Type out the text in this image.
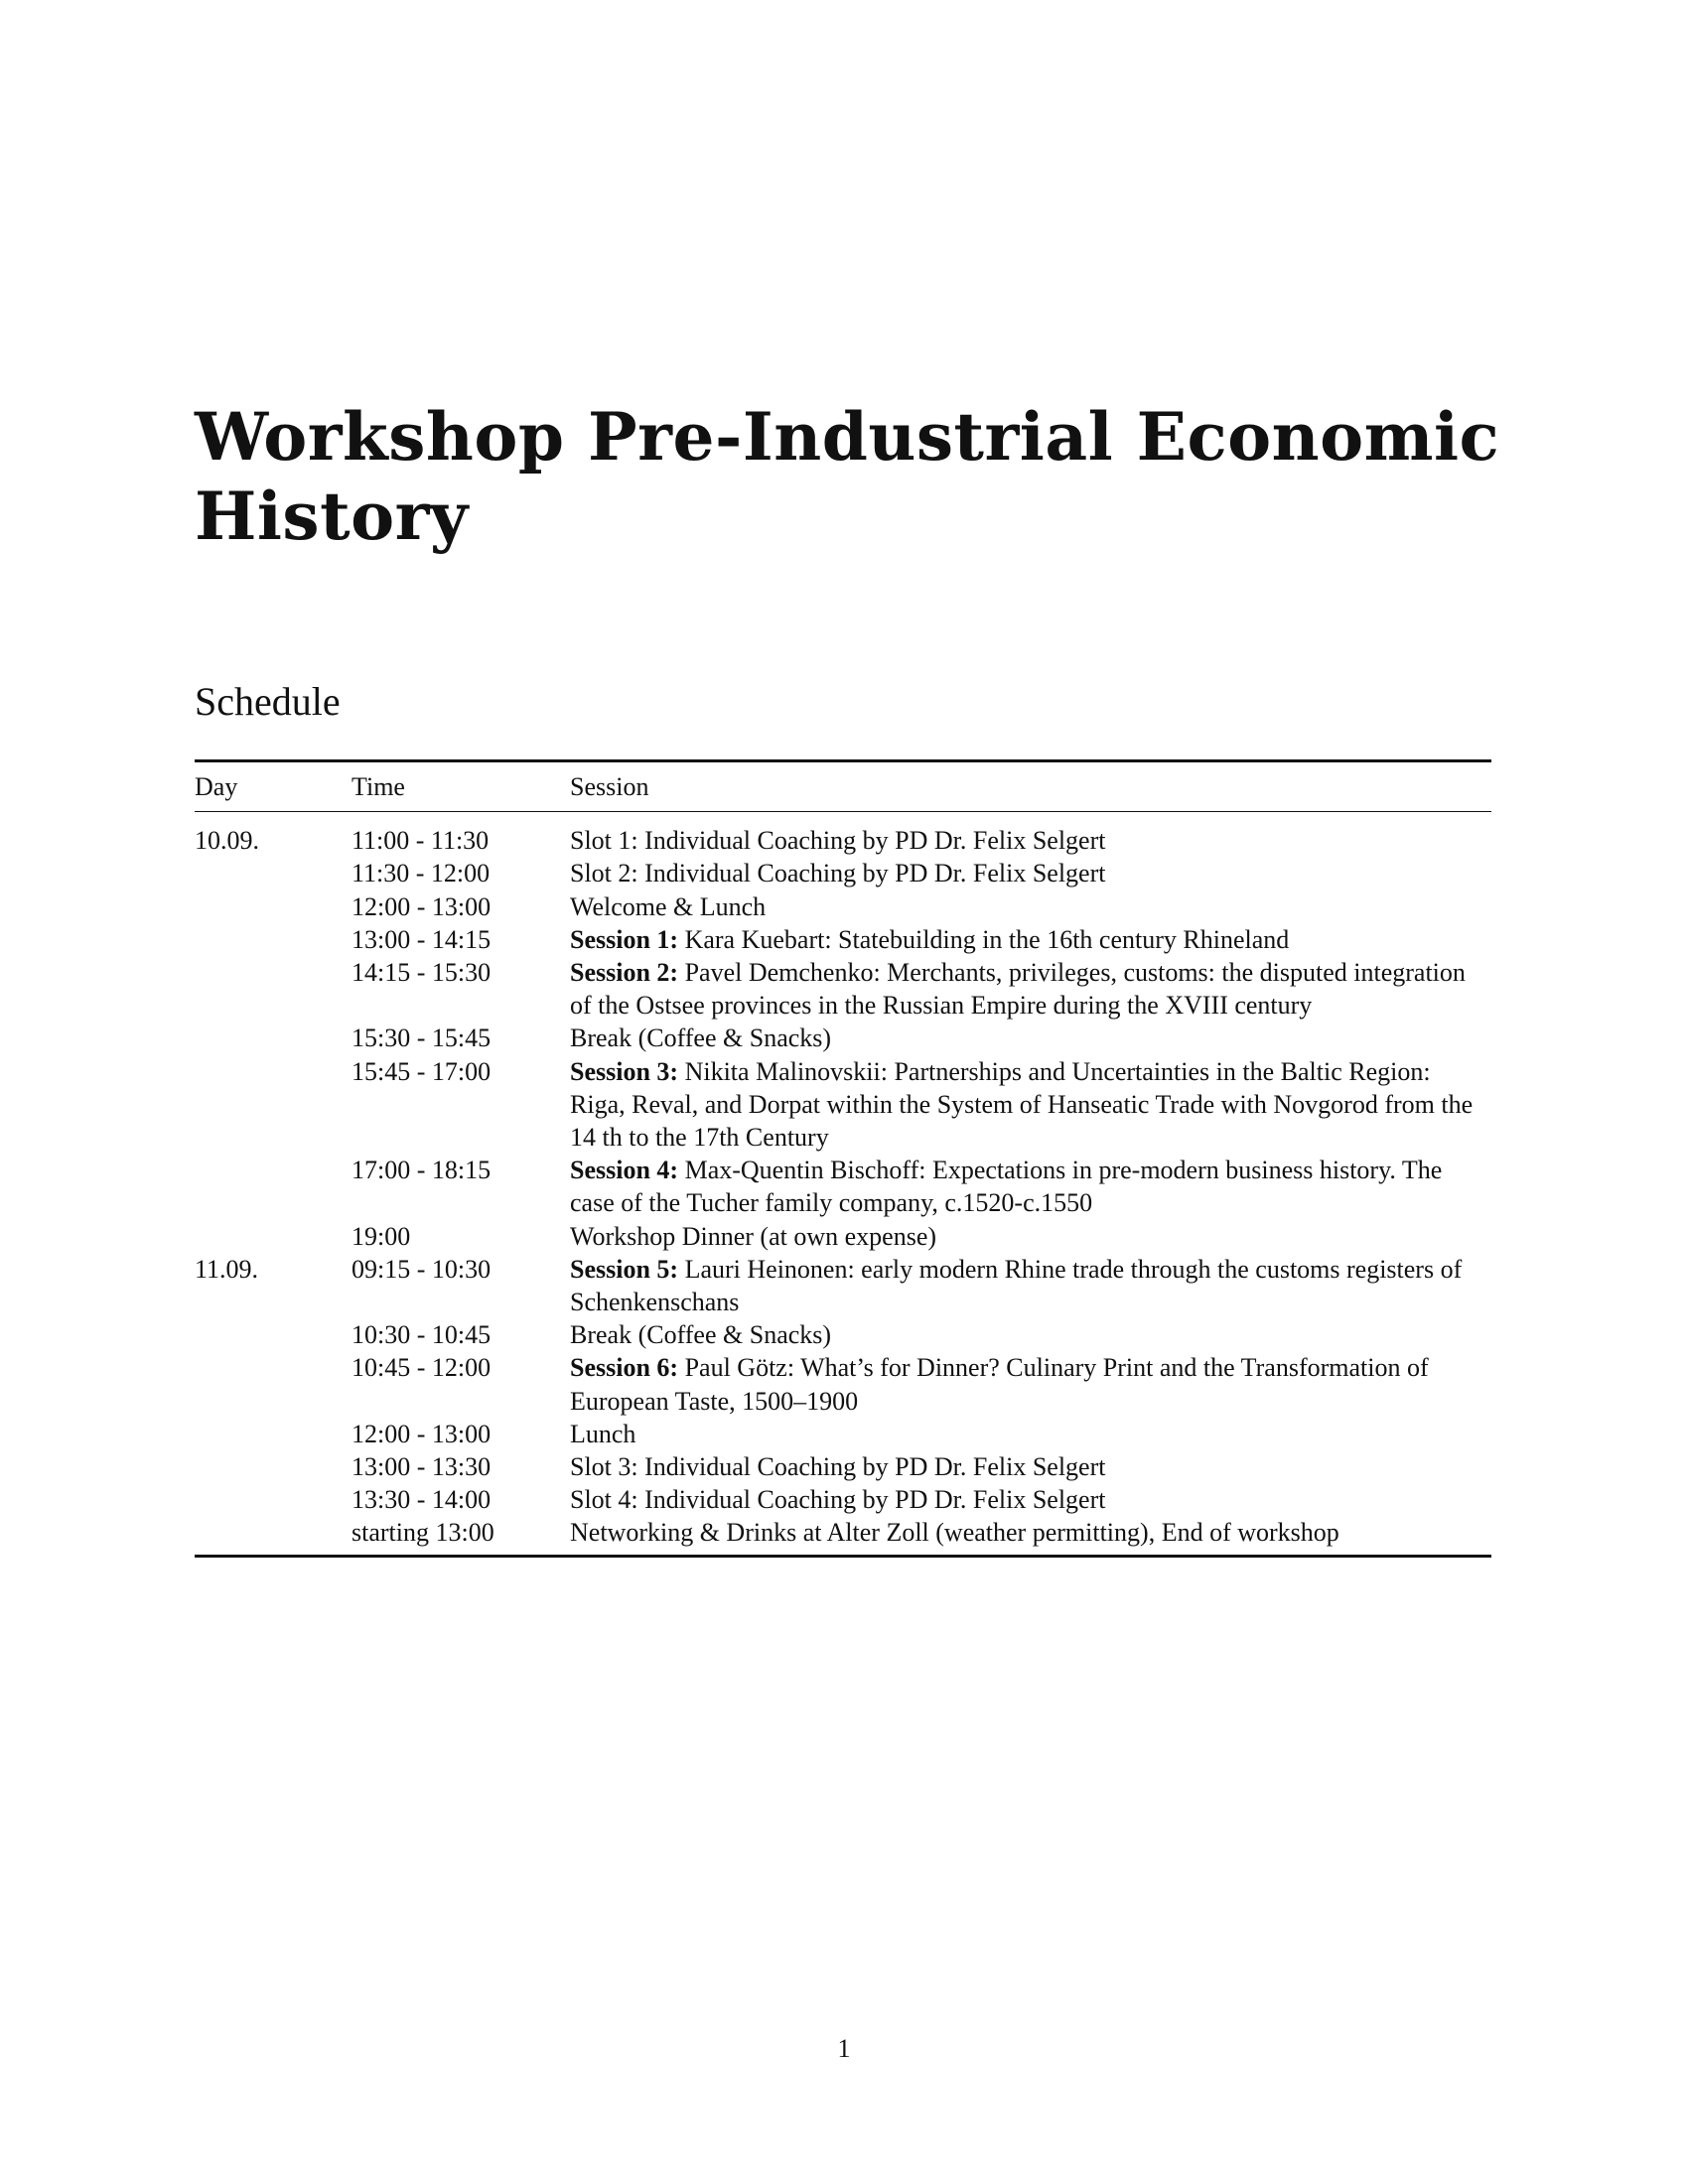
Workshop Pre-Industrial Economic History
Schedule
Day	Time	Session
10.09.	11:00 - 11:30	Slot 1: Individual Coaching by PD Dr. Felix Selgert
	11:30 - 12:00	Slot 2: Individual Coaching by PD Dr. Felix Selgert
	12:00 - 13:00	Welcome & Lunch
	13:00 - 14:15	Session 1: Kara Kuebart: Statebuilding in the 16th century Rhineland
	14:15 - 15:30	Session 2: Pavel Demchenko: Merchants, privileges, customs: the disputed integration of the Ostsee provinces in the Russian Empire during the XVIII century
	15:30 - 15:45	Break (Coffee & Snacks)
	15:45 - 17:00	Session 3: Nikita Malinovskii: Partnerships and Uncertainties in the Baltic Region: Riga, Reval, and Dorpat within the System of Hanseatic Trade with Novgorod from the 14 th to the 17th Century
	17:00 - 18:15	Session 4: Max-Quentin Bischoff: Expectations in pre-modern business history. The case of the Tucher family company, c.1520-c.1550
	19:00	Workshop Dinner (at own expense)
11.09.	09:15 - 10:30	Session 5: Lauri Heinonen: early modern Rhine trade through the customs registers of Schenkenschans
	10:30 - 10:45	Break (Coffee & Snacks)
	10:45 - 12:00	Session 6: Paul Götz: What’s for Dinner? Culinary Print and the Transformation of European Taste, 1500–1900
	12:00 - 13:00	Lunch
	13:00 - 13:30	Slot 3: Individual Coaching by PD Dr. Felix Selgert
	13:30 - 14:00	Slot 4: Individual Coaching by PD Dr. Felix Selgert
	starting 13:00	Networking & Drinks at Alter Zoll (weather permitting), End of workshop
1
